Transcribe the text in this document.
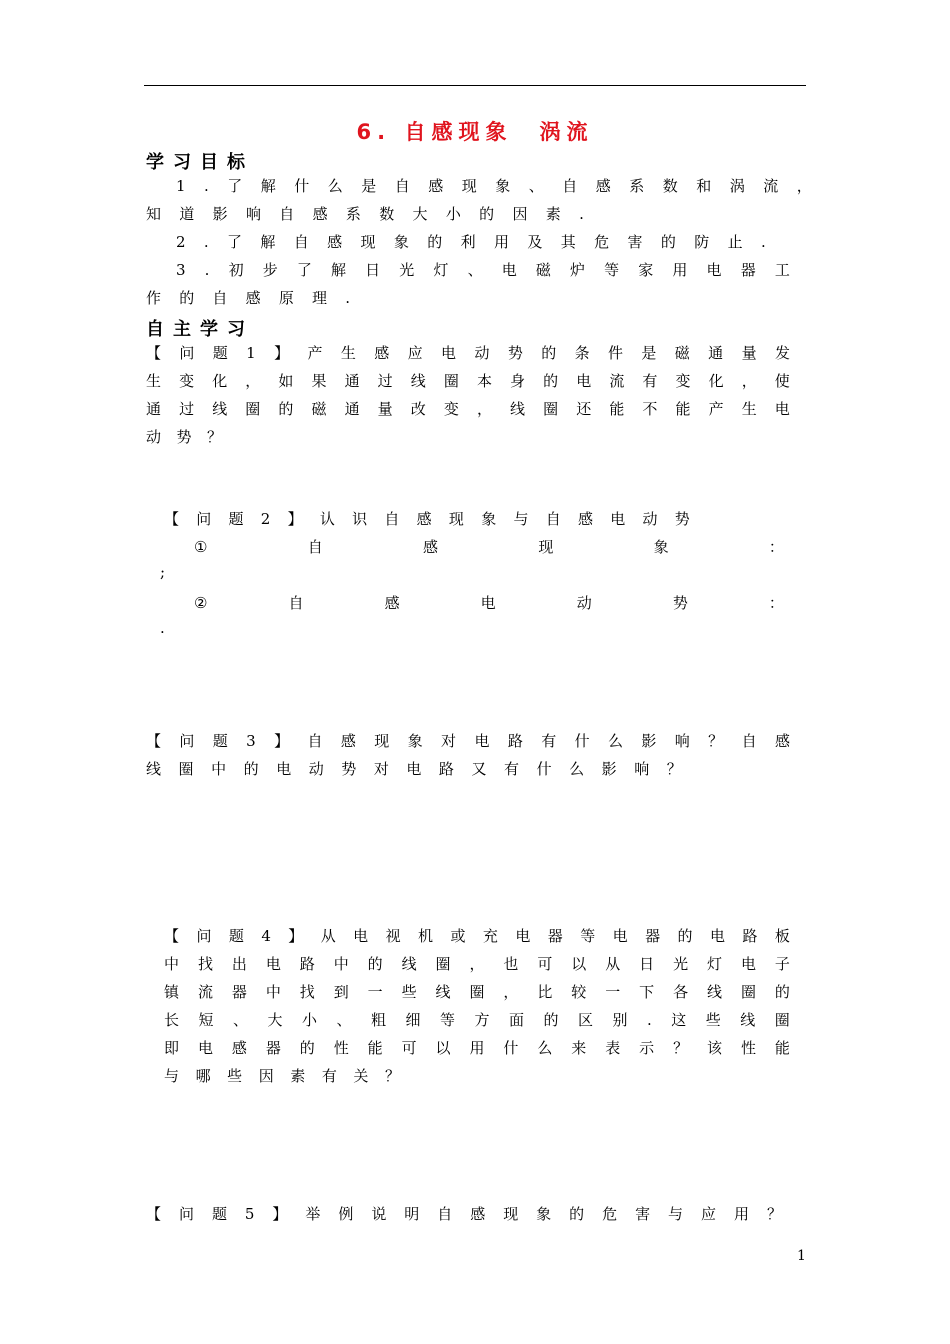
6. 自感现象　涡流
学习目标
1 . 了 解 什 么 是 自 感 现 象 、 自 感 系 数 和 涡 流 ，
知 道 影 响 自 感 系 数 大 小 的 因 素 .
2 . 了 解 自 感 现 象 的 利 用 及 其 危 害 的 防 止 .
3 . 初 步 了 解 日 光 灯 、 电 磁 炉 等 家 用 电 器 工
作 的 自 感 原 理 .
自主学习
【 问 题 1 】 产 生 感 应 电 动 势 的 条 件 是 磁 通 量 发
生 变 化 ， 如 果 通 过 线 圈 本 身 的 电 流 有 变 化 ， 使
通 过 线 圈 的 磁 通 量 改 变 ， 线 圈 还 能 不 能 产 生 电
动 势 ？
【 问 题 2 】 认 识 自 感 现 象 与 自 感 电 动 势
①	自	感	现	象	：
;
②	自	感	电	动	势	：
.
【 问 题 3 】 自 感 现 象 对 电 路 有 什 么 影 响 ？ 自 感
线 圈 中 的 电 动 势 对 电 路 又 有 什 么 影 响 ？
【 问 题 4 】 从 电 视 机 或 充 电 器 等 电 器 的 电 路 板
中 找 出 电 路 中 的 线 圈 ， 也 可 以 从 日 光 灯 电 子
镇 流 器 中 找 到 一 些 线 圈 ， 比 较 一 下 各 线 圈 的
长 短 、 大 小 、 粗 细 等 方 面 的 区 别 . 这 些 线 圈
即 电 感 器 的 性 能 可 以 用 什 么 来 表 示 ？ 该 性 能
与 哪 些 因 素 有 关 ？
【 问 题 5 】 举 例 说 明 自 感 现 象 的 危 害 与 应 用 ？
1
